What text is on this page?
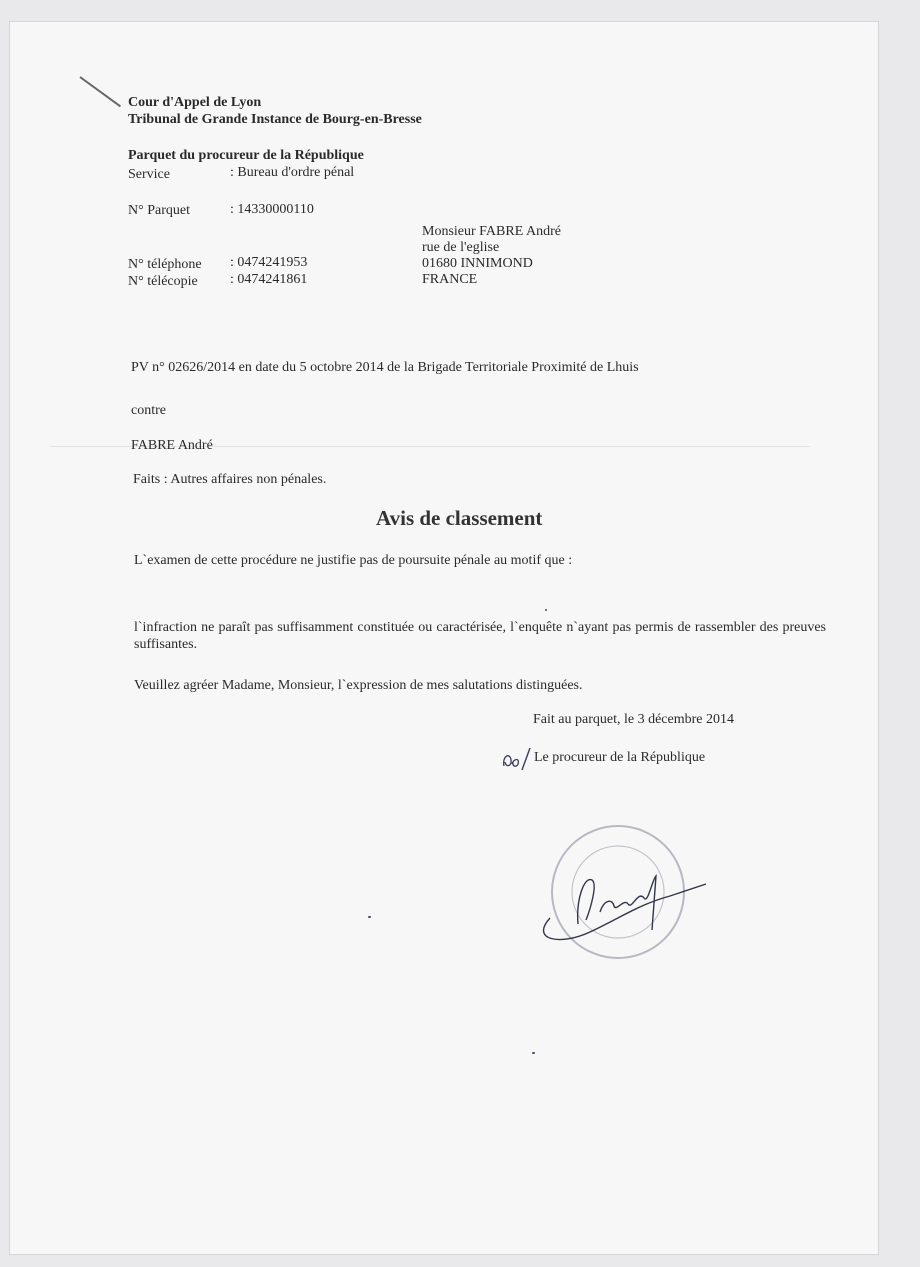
Cour d'Appel de Lyon
Tribunal de Grande Instance de Bourg-en-Bresse
Parquet du procureur de la République
Service	: Bureau d'ordre pénal
N° Parquet	: 14330000110
N° téléphone : 0474241953
N° télécopie : 0474241861
Monsieur FABRE André
rue de l'eglise
01680 INNIMOND
FRANCE
PV n° 02626/2014 en date du 5 octobre 2014 de la Brigade Territoriale Proximité de Lhuis
contre
FABRE André
Faits : Autres affaires non pénales.
Avis de classement
L`examen de cette procédure ne justifie pas de poursuite pénale au motif que :
l`infraction ne paraît pas suffisamment constituée ou caractérisée, l`enquête n`ayant pas permis de rassembler des preuves suffisantes.
Veuillez agréer Madame, Monsieur, l`expression de mes salutations distinguées.
Fait au parquet, le 3 décembre 2014
Le procureur de la République
